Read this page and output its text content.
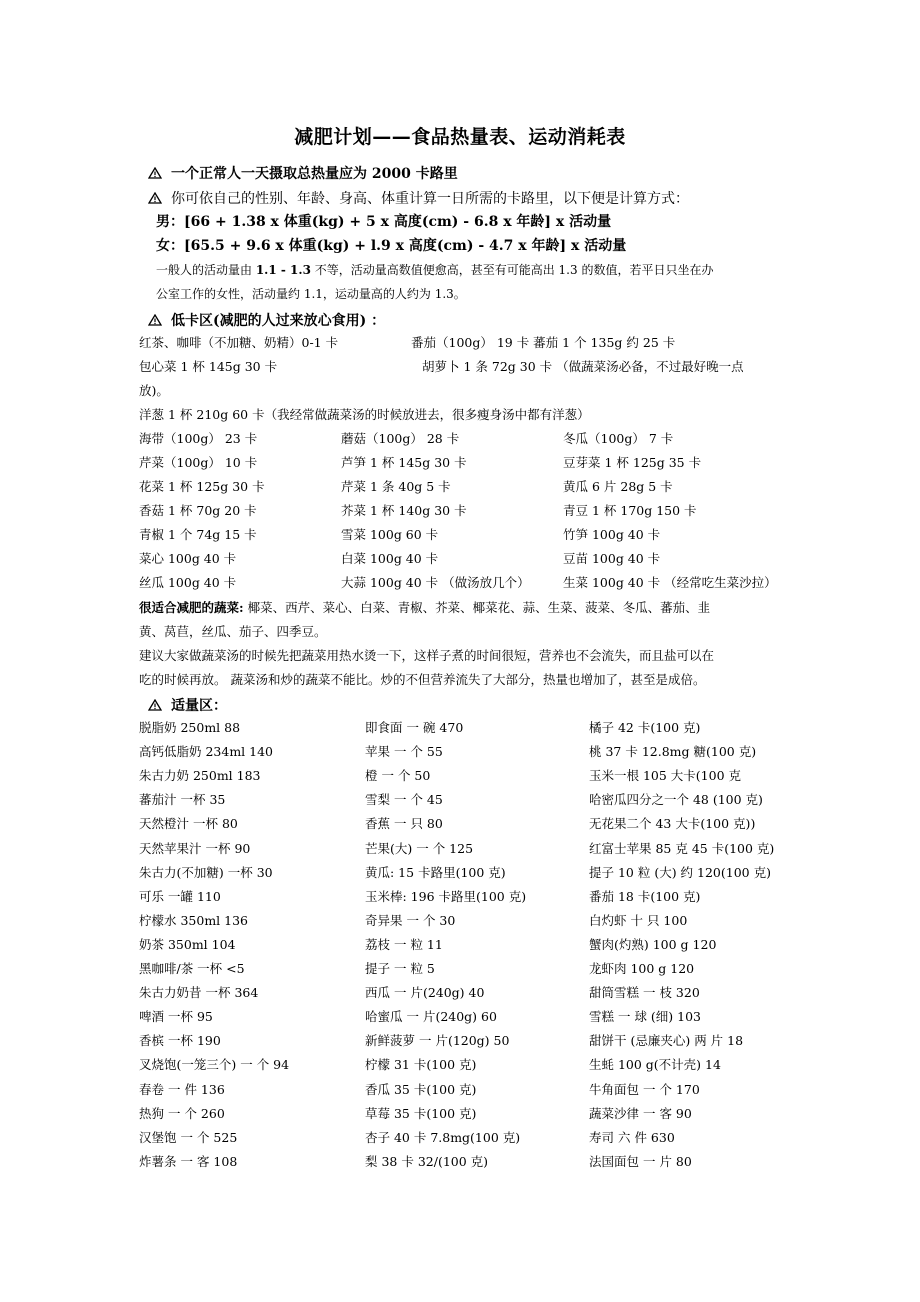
减肥计划——食品热量表、运动消耗表
一个正常人一天摄取总热量应为 2000 卡路里
你可依自己的性别、年龄、身高、体重计算一日所需的卡路里，以下便是计算方式：
男：[66 + 1.38 x 体重(kg) + 5 x 高度(cm) - 6.8 x 年龄] x 活动量
女：[65.5 + 9.6 x 体重(kg) + l.9 x 高度(cm) - 4.7 x 年龄] x 活动量
一般人的活动量由 1.1 - 1.3 不等，活动量高数值便愈高，甚至有可能高出 1.3 的数值，若平日只坐在办
公室工作的女性，活动量约 1.1，运动量高的人约为 1.3。
低卡区(减肥的人过来放心食用) ：
红茶、咖啡（不加糖、奶精）0-1 卡	番茄（100g） 19 卡 蕃茄 1 个 135g 约 25 卡
包心菜 1 杯 145g 30 卡	胡萝卜 1 条 72g 30 卡 （做蔬菜汤必备，不过最好晚一点
放)。
洋葱 1 杯 210g 60 卡（我经常做蔬菜汤的时候放进去，很多瘦身汤中都有洋葱）
海带（100g） 23 卡	蘑菇（100g） 28 卡	冬瓜（100g） 7 卡
芹菜（100g） 10 卡	芦笋 1 杯 145g 30 卡	豆芽菜 1 杯 125g 35 卡
花菜 1 杯 125g 30 卡	芹菜 1 条 40g 5 卡	黄瓜 6 片 28g 5 卡
香菇 1 杯 70g 20 卡	芥菜 1 杯 140g 30 卡	青豆 1 杯 170g 150 卡
青椒 1 个 74g 15 卡	雪菜 100g 60 卡	竹笋 100g 40 卡
菜心 100g 40 卡	白菜 100g 40 卡	豆苗 100g 40 卡
丝瓜 100g 40 卡	大蒜 100g 40 卡 （做汤放几个）	生菜 100g 40 卡 （经常吃生菜沙拉）
很适合减肥的蔬菜: 椰菜、西芹、菜心、白菜、青椒、芥菜、椰菜花、蒜、生菜、菠菜、冬瓜、蕃茄、韭
黄、莴苣，丝瓜、茄子、四季豆。
建议大家做蔬菜汤的时候先把蔬菜用热水烫一下，这样子煮的时间很短，营养也不会流失，而且盐可以在
吃的时候再放。 蔬菜汤和炒的蔬菜不能比。炒的不但营养流失了大部分，热量也增加了，甚至是成倍。
适量区：
脱脂奶 250ml 88	即食面 一 碗 470	橘子 42 卡(100 克)
高钙低脂奶 234ml 140	苹果 一 个 55	桃 37 卡 12.8mg 糖(100 克)
朱古力奶 250ml 183	橙 一 个 50	玉米一根 105 大卡(100 克
蕃茄汁 一杯 35	雪梨 一 个 45	哈密瓜四分之一个 48 (100 克)
天然橙汁 一杯 80	香蕉 一 只 80	无花果二个 43 大卡(100 克))
天然苹果汁 一杯 90	芒果(大) 一 个 125	红富士苹果 85 克 45 卡(100 克)
朱古力(不加糖) 一杯 30	黄瓜: 15 卡路里(100 克)	提子 10 粒 (大) 约 120(100 克)
可乐 一罐 110	玉米棒: 196 卡路里(100 克)	番茄 18 卡(100 克)
柠檬水 350ml 136	奇异果 一 个 30	白灼虾 十 只 100
奶茶 350ml 104	荔枝 一 粒 11	蟹肉(灼熟) 100 g 120
黑咖啡/茶 一杯 <5	提子 一 粒 5	龙虾肉 100 g 120
朱古力奶昔 一杯 364	西瓜 一 片(240g) 40	甜筒雪糕 一 枝 320
啤酒 一杯 95	哈蜜瓜 一 片(240g) 60	雪糕 一 球 (细) 103
香槟 一杯 190	新鲜菠萝 一 片(120g) 50	甜饼干 (忌廉夹心) 两 片 18
叉烧饱(一笼三个) 一 个 94	柠檬 31 卡(100 克)	生蚝 100 g(不计壳) 14
春卷 一 件 136	香瓜 35 卡(100 克)	牛角面包 一 个 170
热狗 一 个 260	草莓 35 卡(100 克)	蔬菜沙律 一 客 90
汉堡饱 一 个 525	杏子 40 卡 7.8mg(100 克)	寿司 六 件 630
炸薯条 一 客 108	梨 38 卡 32/(100 克)	法国面包 一 片 80
